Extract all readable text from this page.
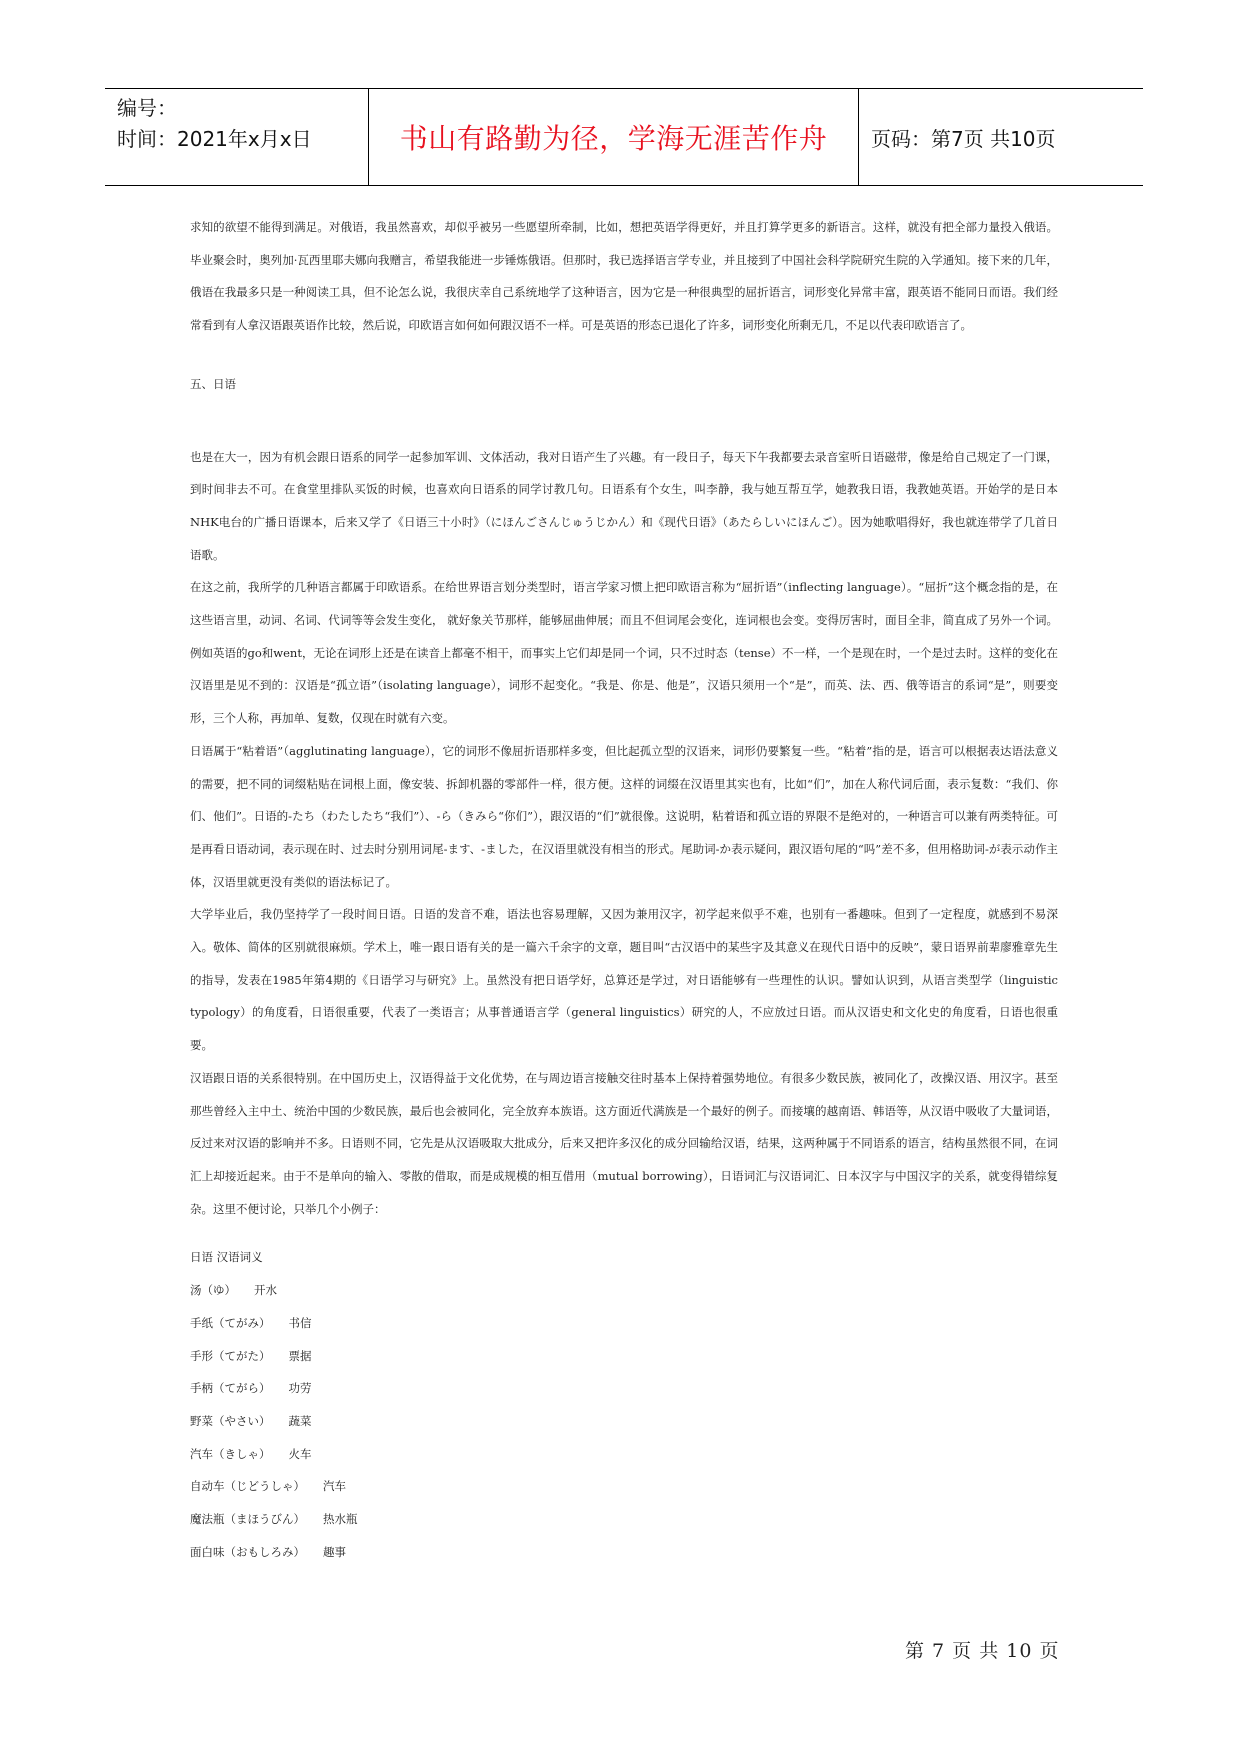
编号：
时间：2021年x月x日	书山有路勤为径，学海无涯苦作舟	页码：第7页 共10页

求知的欲望不能得到满足。对俄语，我虽然喜欢，却似乎被另一些愿望所牵制，比如，想把英语学得更好，并且打算学更多的新语言。这样，就没有把全部力量投入俄语。毕业聚会时，奥列加·瓦西里耶夫娜向我赠言，希望我能进一步锤炼俄语。但那时，我已选择语言学专业，并且接到了中国社会科学院研究生院的入学通知。接下来的几年，俄语在我最多只是一种阅读工具，但不论怎么说，我很庆幸自己系统地学了这种语言，因为它是一种很典型的屈折语言，词形变化异常丰富，跟英语不能同日而语。我们经常看到有人拿汉语跟英语作比较，然后说，印欧语言如何如何跟汉语不一样。可是英语的形态已退化了许多，词形变化所剩无几，不足以代表印欧语言了。

五、日语

也是在大一，因为有机会跟日语系的同学一起参加军训、文体活动，我对日语产生了兴趣。有一段日子，每天下午我都要去录音室听日语磁带，像是给自己规定了一门课，到时间非去不可。在食堂里排队买饭的时候，也喜欢向日语系的同学讨教几句。日语系有个女生，叫李静，我与她互帮互学，她教我日语，我教她英语。开始学的是日本NHK电台的广播日语课本，后来又学了《日语三十小时》（にほんごさんじゅうじかん）和《现代日语》（あたらしいにほんご）。因为她歌唱得好，我也就连带学了几首日语歌。

在这之前，我所学的几种语言都属于印欧语系。在给世界语言划分类型时，语言学家习惯上把印欧语言称为“屈折语”（inflecting language）。“屈折”这个概念指的是，在这些语言里，动词、名词、代词等等会发生变化， 就好象关节那样，能够屈曲伸展；而且不但词尾会变化，连词根也会变。变得厉害时，面目全非，简直成了另外一个词。例如英语的go和went，无论在词形上还是在读音上都毫不相干，而事实上它们却是同一个词，只不过时态（tense）不一样，一个是现在时，一个是过去时。这样的变化在汉语里是见不到的：汉语是“孤立语”（isolating language），词形不起变化。“我是、你是、他是”，汉语只须用一个“是”，而英、法、西、俄等语言的系词“是”，则要变形，三个人称，再加单、复数，仅现在时就有六变。

日语属于“粘着语”（agglutinating language），它的词形不像屈折语那样多变，但比起孤立型的汉语来，词形仍要繁复一些。“粘着”指的是，语言可以根据表达语法意义的需要，把不同的词缀粘贴在词根上面，像安装、拆卸机器的零部件一样，很方便。这样的词缀在汉语里其实也有，比如“们”，加在人称代词后面，表示复数：“我们、你们、他们”。日语的-たち（わたしたち“我们”）、-ら（きみら“你们”），跟汉语的“们”就很像。这说明，粘着语和孤立语的界限不是绝对的，一种语言可以兼有两类特征。可是再看日语动词，表示现在时、过去时分别用词尾-ます、-ました，在汉语里就没有相当的形式。尾助词-か表示疑问，跟汉语句尾的“吗”差不多，但用格助词-が表示动作主体，汉语里就更没有类似的语法标记了。

大学毕业后，我仍坚持学了一段时间日语。日语的发音不难，语法也容易理解，又因为兼用汉字，初学起来似乎不难，也别有一番趣味。但到了一定程度，就感到不易深入。敬体、简体的区别就很麻烦。学术上，唯一跟日语有关的是一篇六千余字的文章，题目叫“古汉语中的某些字及其意义在现代日语中的反映”，蒙日语界前辈廖雅章先生的指导，发表在1985年第4期的《日语学习与研究》上。虽然没有把日语学好，总算还是学过，对日语能够有一些理性的认识。譬如认识到，从语言类型学（linguistic typology）的角度看，日语很重要，代表了一类语言；从事普通语言学（general linguistics）研究的人，不应放过日语。而从汉语史和文化史的角度看，日语也很重要。

汉语跟日语的关系很特别。在中国历史上，汉语得益于文化优势，在与周边语言接触交往时基本上保持着强势地位。有很多少数民族，被同化了，改操汉语、用汉字。甚至那些曾经入主中土、统治中国的少数民族，最后也会被同化，完全放弃本族语。这方面近代满族是一个最好的例子。而接壤的越南语、韩语等，从汉语中吸收了大量词语，反过来对汉语的影响并不多。日语则不同，它先是从汉语吸取大批成分，后来又把许多汉化的成分回输给汉语，结果，这两种属于不同语系的语言，结构虽然很不同，在词汇上却接近起来。由于不是单向的输入、零散的借取，而是成规模的相互借用（mutual borrowing），日语词汇与汉语词汇、日本汉字与中国汉字的关系，就变得错综复杂。这里不便讨论，只举几个小例子：

日语 汉语词义
汤（ゆ） 开水
手纸（てがみ） 书信
手形（てがた） 票据
手柄（てがら） 功劳
野菜（やさい） 蔬菜
汽车（きしゃ） 火车
自动车（じどうしゃ） 汽车
魔法瓶（まほうびん） 热水瓶
面白味（おもしろみ） 趣事
第 7 页 共 10 页
